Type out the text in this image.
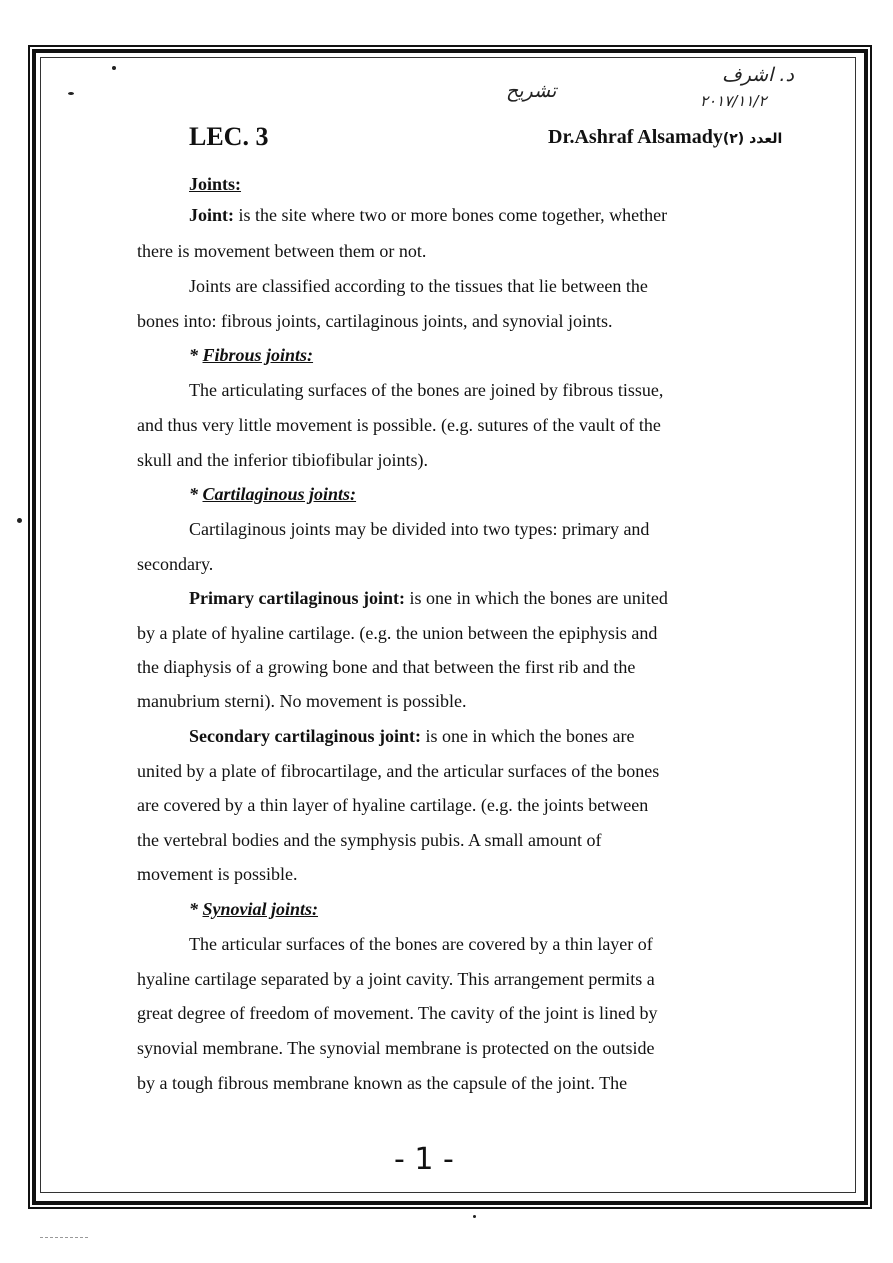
تشريح
د. اشرف
٢٠١٧/١١/٢
LEC. 3	Dr.Ashraf Alsamady(٢) العدد
Joints:
Joint: is the site where two or more bones come together, whether
there is movement between them or not.
Joints are classified according to the tissues that lie between the
bones into: fibrous joints, cartilaginous joints, and synovial joints.
* Fibrous joints:
The articulating surfaces of the bones are joined by fibrous tissue,
and thus very little movement is possible. (e.g. sutures of the vault of the
skull and the inferior tibiofibular joints).
* Cartilaginous joints:
Cartilaginous joints may be divided into two types: primary and
secondary.
Primary cartilaginous joint: is one in which the bones are united
by a plate of hyaline cartilage. (e.g. the union between the epiphysis and
the diaphysis of a growing bone and that between the first rib and the
manubrium sterni). No movement is possible.
Secondary cartilaginous joint: is one in which the bones are
united by a plate of fibrocartilage, and the articular surfaces of the bones
are covered by a thin layer of hyaline cartilage. (e.g. the joints between
the vertebral bodies and the symphysis pubis. A small amount of
movement is possible.
* Synovial joints:
The articular surfaces of the bones are covered by a thin layer of
hyaline cartilage separated by a joint cavity. This arrangement permits a
great degree of freedom of movement. The cavity of the joint is lined by
synovial membrane. The synovial membrane is protected on the outside
by a tough fibrous membrane known as the capsule of the joint. The
- 1 -
